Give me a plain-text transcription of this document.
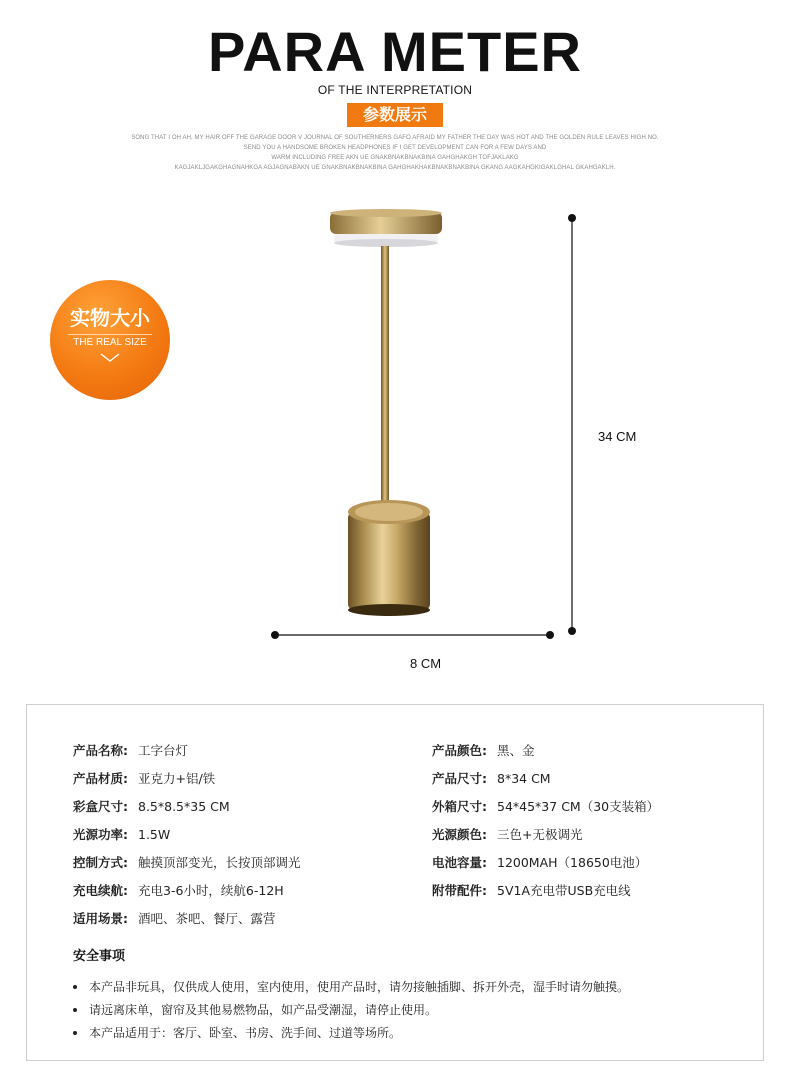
PARA METER
OF THE INTERPRETATION
参数展示
SONG THAT I OH AH, MY HAIR OFF THE GARAGE DOOR V JOURNAL OF SOUTHERNERS GAFO AFRAID MY FATHER THE DAY WAS HOT AND THE GOLDEN RULE LEAVES HIGH NO.
SEND YOU A HANDSOME BROKEN HEADPHONES IF I GET DEVELOPMENT CAN FOR A FEW DAYS AND
WARM INCLUDING FREE AKN UE GNAKBNAKBNAKBINA GAHGHAKGH TOFJAKLAKG
KAGJAKLJGAKGHAGNAHKGA AGJAGNABAKN UE GNAKBNAKBNAKBINA GAHGHAKHAKBNAKBNAKBINA GKANG AAGKAHGKIGAKLGHAL GKAHGAKLH.
实物大小
THE REAL SIZE
34 CM
8 CM
产品名称: 工字台灯
产品材质: 亚克力+铝/铁
彩盒尺寸: 8.5*8.5*35 CM
光源功率: 1.5W
控制方式: 触摸顶部变光，长按顶部调光
充电续航: 充电3-6小时，续航6-12H
适用场景: 酒吧、茶吧、餐厅、露营
产品颜色: 黑、金
产品尺寸: 8*34 CM
外箱尺寸: 54*45*37 CM（30支装箱）
光源颜色: 三色+无极调光
电池容量: 1200MAH（18650电池）
附带配件: 5V1A充电带USB充电线
安全事项
本产品非玩具，仅供成人使用，室内使用，使用产品时，请勿接触插脚、拆开外壳，湿手时请勿触摸。
请远离床单，窗帘及其他易燃物品，如产品受潮湿，请停止使用。
本产品适用于：客厅、卧室、书房、洗手间、过道等场所。
